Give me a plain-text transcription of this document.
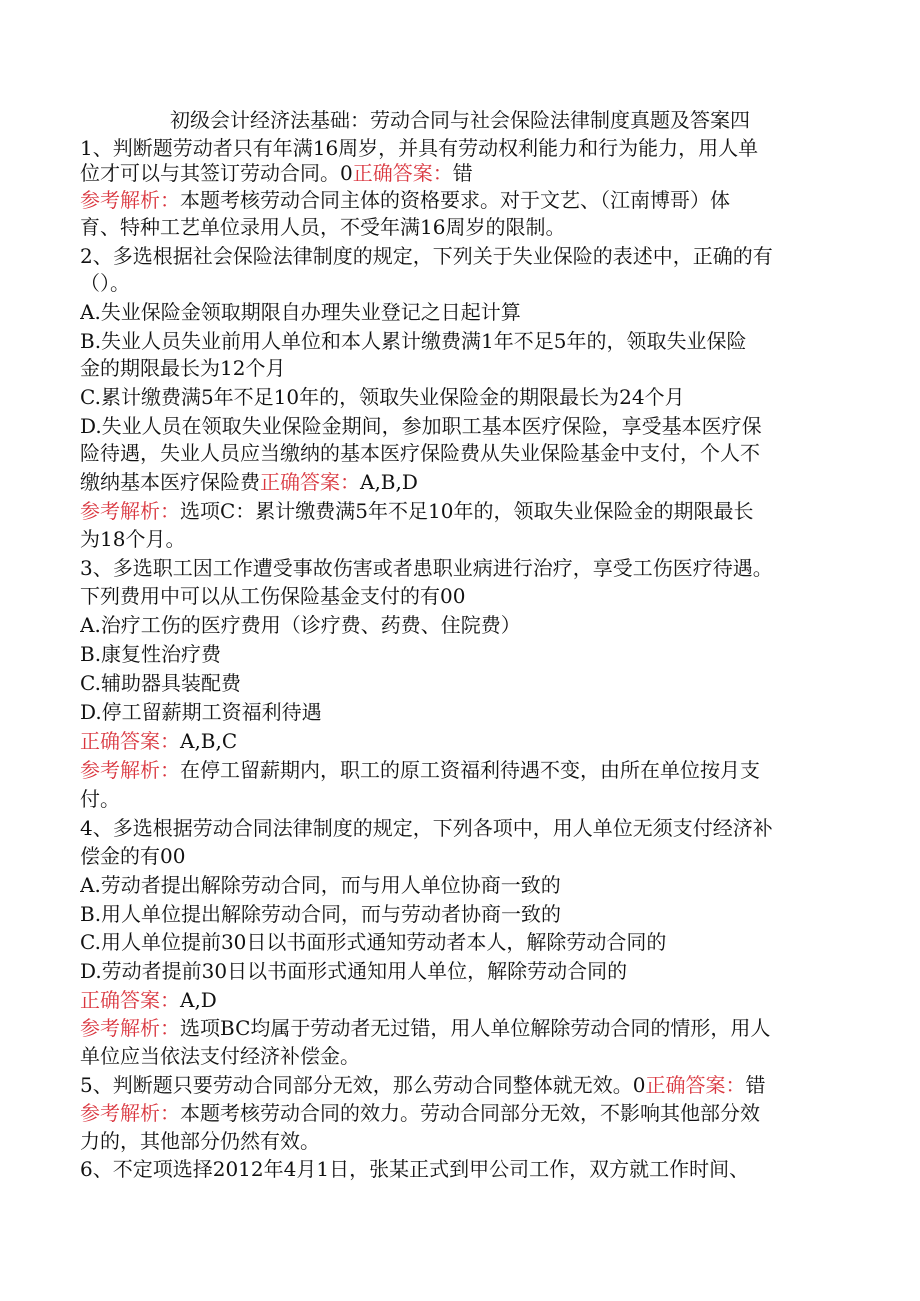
初级会计经济法基础：劳动合同与社会保险法律制度真题及答案四
1、判断题劳动者只有年满16周岁，并具有劳动权利能力和行为能力，用人单
位才可以与其签订劳动合同。0正确答案：错
参考解析：本题考核劳动合同主体的资格要求。对于文艺、（江南博哥）体
育、特种工艺单位录用人员，不受年满16周岁的限制。
2、多选根据社会保险法律制度的规定，下列关于失业保险的表述中，正确的有
（）。
A.失业保险金领取期限自办理失业登记之日起计算
B.失业人员失业前用人单位和本人累计缴费满1年不足5年的，领取失业保险
金的期限最长为12个月
C.累计缴费满5年不足10年的，领取失业保险金的期限最长为24个月
D.失业人员在领取失业保险金期间，参加职工基本医疗保险，享受基本医疗保
险待遇，失业人员应当缴纳的基本医疗保险费从失业保险基金中支付，个人不
缴纳基本医疗保险费正确答案：A,B,D
参考解析：选项C：累计缴费满5年不足10年的，领取失业保险金的期限最长
为18个月。
3、多选职工因工作遭受事故伤害或者患职业病进行治疗，享受工伤医疗待遇。
下列费用中可以从工伤保险基金支付的有00
A.治疗工伤的医疗费用（诊疗费、药费、住院费）
B.康复性治疗费
C.辅助器具装配费
D.停工留薪期工资福利待遇
正确答案：A,B,C
参考解析：在停工留薪期内，职工的原工资福利待遇不变，由所在单位按月支
付。
4、多选根据劳动合同法律制度的规定，下列各项中，用人单位无须支付经济补
偿金的有00
A.劳动者提出解除劳动合同，而与用人单位协商一致的
B.用人单位提出解除劳动合同，而与劳动者协商一致的
C.用人单位提前30日以书面形式通知劳动者本人，解除劳动合同的
D.劳动者提前30日以书面形式通知用人单位，解除劳动合同的
正确答案：A,D
参考解析：选项BC均属于劳动者无过错，用人单位解除劳动合同的情形，用人
单位应当依法支付经济补偿金。
5、判断题只要劳动合同部分无效，那么劳动合同整体就无效。0正确答案：错
参考解析：本题考核劳动合同的效力。劳动合同部分无效，不影响其他部分效
力的，其他部分仍然有效。
6、不定项选择2012年4月1日，张某正式到甲公司工作，双方就工作时间、
